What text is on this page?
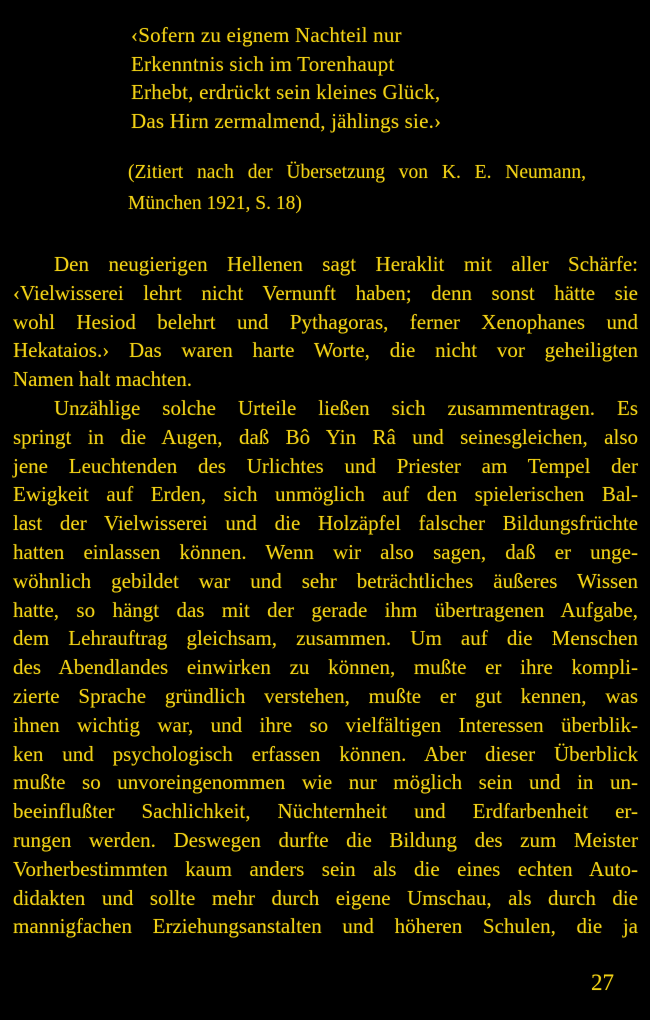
‹Sofern zu eignem Nachteil nur
Erkenntnis sich im Torenhaupt
Erhebt, erdrückt sein kleines Glück,
Das Hirn zermalmend, jählings sie.›
(Zitiert nach der Übersetzung von K. E. Neumann,
München 1921, S. 18)
Den neugierigen Hellenen sagt Heraklit mit aller Schärfe:
‹Vielwisserei lehrt nicht Vernunft haben; denn sonst hätte sie
wohl Hesiod belehrt und Pythagoras, ferner Xenophanes und
Hekataios.› Das waren harte Worte, die nicht vor geheiligten
Namen halt machten.
Unzählige solche Urteile ließen sich zusammentragen. Es
springt in die Augen, daß Bô Yin Râ und seinesgleichen, also
jene Leuchtenden des Urlichtes und Priester am Tempel der
Ewigkeit auf Erden, sich unmöglich auf den spielerischen Bal-
last der Vielwisserei und die Holzäpfel falscher Bildungsfrüchte
hatten einlassen können. Wenn wir also sagen, daß er unge-
wöhnlich gebildet war und sehr beträchtliches äußeres Wissen
hatte, so hängt das mit der gerade ihm übertragenen Aufgabe,
dem Lehrauftrag gleichsam, zusammen. Um auf die Menschen
des Abendlandes einwirken zu können, mußte er ihre kompli-
zierte Sprache gründlich verstehen, mußte er gut kennen, was
ihnen wichtig war, und ihre so vielfältigen Interessen überblik-
ken und psychologisch erfassen können. Aber dieser Überblick
mußte so unvoreingenommen wie nur möglich sein und in un-
beeinflußter Sachlichkeit, Nüchternheit und Erdfarbenheit er-
rungen werden. Deswegen durfte die Bildung des zum Meister
Vorherbestimmten kaum anders sein als die eines echten Auto-
didakten und sollte mehr durch eigene Umschau, als durch die
mannigfachen Erziehungsanstalten und höheren Schulen, die ja
27
